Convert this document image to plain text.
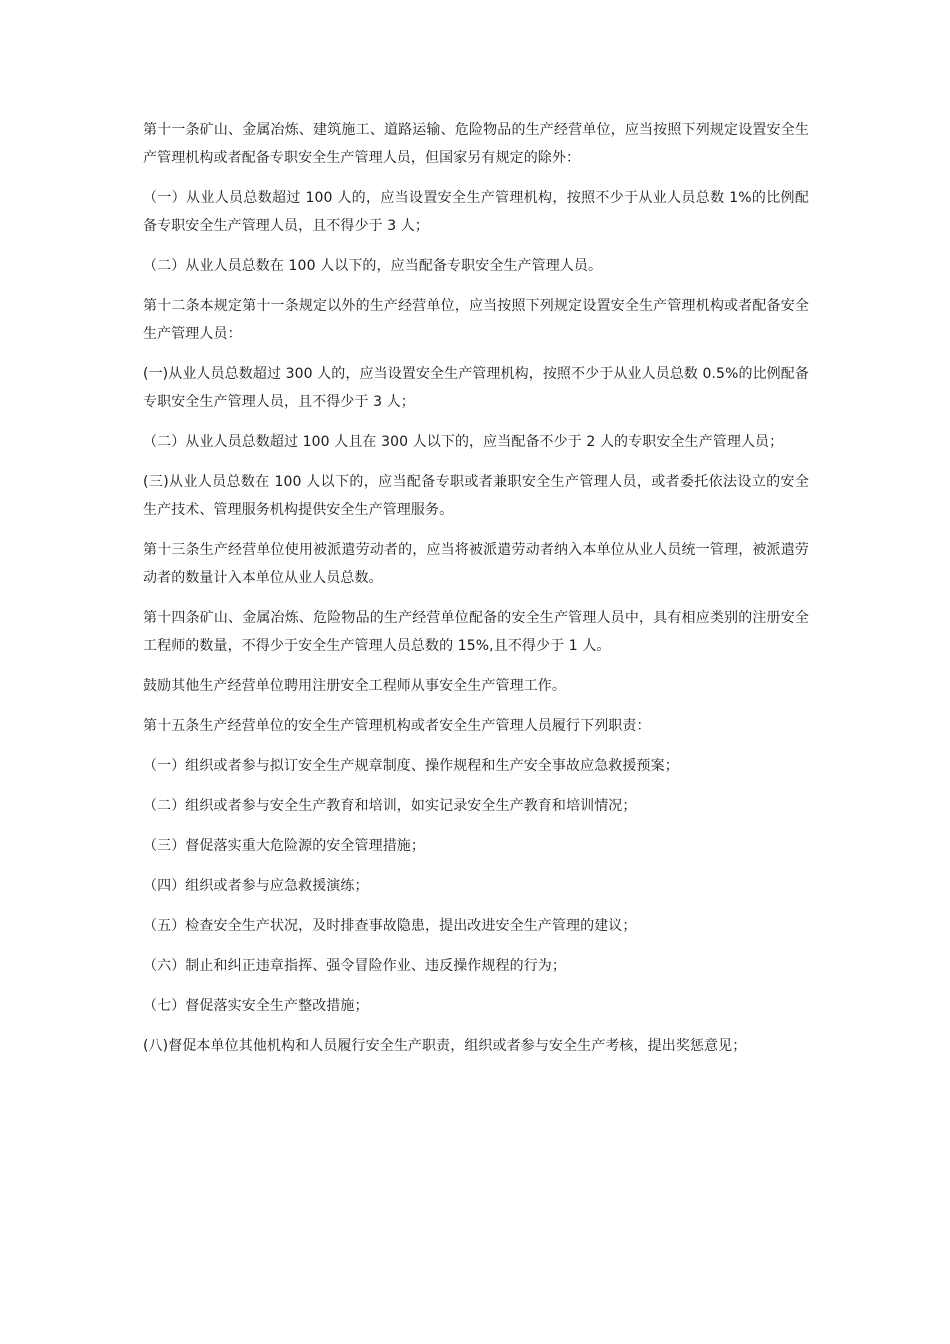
第十一条矿山、金属冶炼、建筑施工、道路运输、危险物品的生产经营单位，应当按照下列规定设置安全生产管理机构或者配备专职安全生产管理人员，但国家另有规定的除外：

（一）从业人员总数超过 100 人的，应当设置安全生产管理机构，按照不少于从业人员总数 1%的比例配备专职安全生产管理人员，且不得少于 3 人；

（二）从业人员总数在 100 人以下的，应当配备专职安全生产管理人员。

第十二条本规定第十一条规定以外的生产经营单位，应当按照下列规定设置安全生产管理机构或者配备安全生产管理人员：

(一)从业人员总数超过 300 人的，应当设置安全生产管理机构，按照不少于从业人员总数 0.5%的比例配备专职安全生产管理人员，且不得少于 3 人；

（二）从业人员总数超过 100 人且在 300 人以下的，应当配备不少于 2 人的专职安全生产管理人员；

(三)从业人员总数在 100 人以下的，应当配备专职或者兼职安全生产管理人员，或者委托依法设立的安全生产技术、管理服务机构提供安全生产管理服务。

第十三条生产经营单位使用被派遣劳动者的，应当将被派遣劳动者纳入本单位从业人员统一管理，被派遣劳动者的数量计入本单位从业人员总数。

第十四条矿山、金属冶炼、危险物品的生产经营单位配备的安全生产管理人员中，具有相应类别的注册安全工程师的数量，不得少于安全生产管理人员总数的 15%,且不得少于 1 人。

鼓励其他生产经营单位聘用注册安全工程师从事安全生产管理工作。

第十五条生产经营单位的安全生产管理机构或者安全生产管理人员履行下列职责：

（一）组织或者参与拟订安全生产规章制度、操作规程和生产安全事故应急救援预案；

（二）组织或者参与安全生产教育和培训，如实记录安全生产教育和培训情况；

（三）督促落实重大危险源的安全管理措施；

（四）组织或者参与应急救援演练；

（五）检查安全生产状况，及时排查事故隐患，提出改进安全生产管理的建议；

（六）制止和纠正违章指挥、强令冒险作业、违反操作规程的行为；

（七）督促落实安全生产整改措施；

(八)督促本单位其他机构和人员履行安全生产职责，组织或者参与安全生产考核，提出奖惩意见；
